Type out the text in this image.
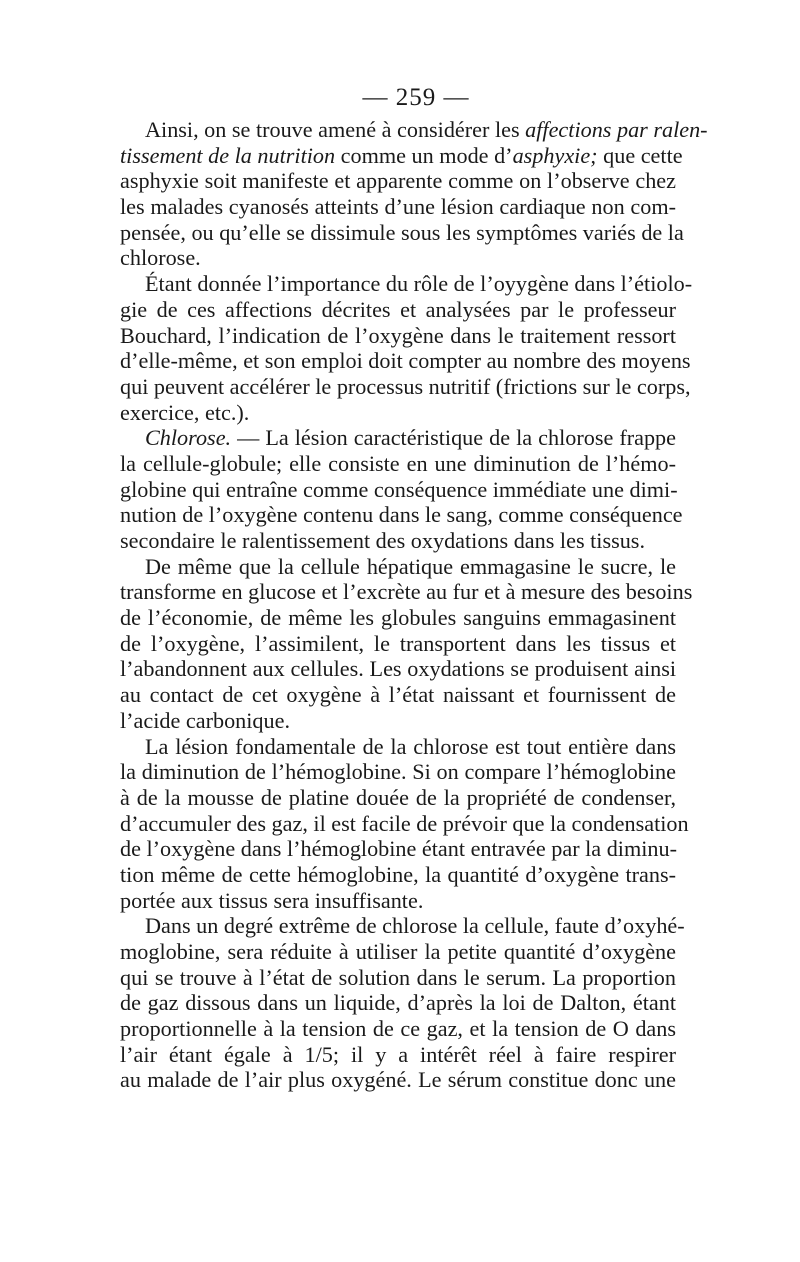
— 259 —
Ainsi, on se trouve amené à considérer les affections par ralen-
tissement de la nutrition comme un mode d’asphyxie; que cette
asphyxie soit manifeste et apparente comme on l’observe chez
les malades cyanosés atteints d’une lésion cardiaque non com-
pensée, ou qu’elle se dissimule sous les symptômes variés de la
chlorose.
Étant donnée l’importance du rôle de l’oyygène dans l’étiolo-
gie de ces affections décrites et analysées par le professeur
Bouchard, l’indication de l’oxygène dans le traitement ressort
d’elle-même, et son emploi doit compter au nombre des moyens
qui peuvent accélérer le processus nutritif (frictions sur le corps,
exercice, etc.).
Chlorose. — La lésion caractéristique de la chlorose frappe
la cellule-globule; elle consiste en une diminution de l’hémo-
globine qui entraîne comme conséquence immédiate une dimi-
nution de l’oxygène contenu dans le sang, comme conséquence
secondaire le ralentissement des oxydations dans les tissus.
De même que la cellule hépatique emmagasine le sucre, le
transforme en glucose et l’excrète au fur et à mesure des besoins
de l’économie, de même les globules sanguins emmagasinent
de l’oxygène, l’assimilent, le transportent dans les tissus et
l’abandonnent aux cellules. Les oxydations se produisent ainsi
au contact de cet oxygène à l’état naissant et fournissent de
l’acide carbonique.
La lésion fondamentale de la chlorose est tout entière dans
la diminution de l’hémoglobine. Si on compare l’hémoglobine
à de la mousse de platine douée de la propriété de condenser,
d’accumuler des gaz, il est facile de prévoir que la condensation
de l’oxygène dans l’hémoglobine étant entravée par la diminu-
tion même de cette hémoglobine, la quantité d’oxygène trans-
portée aux tissus sera insuffisante.
Dans un degré extrême de chlorose la cellule, faute d’oxyhé-
moglobine, sera réduite à utiliser la petite quantité d’oxygène
qui se trouve à l’état de solution dans le serum. La proportion
de gaz dissous dans un liquide, d’après la loi de Dalton, étant
proportionnelle à la tension de ce gaz, et la tension de O dans
l’air étant égale à 1/5; il y a intérêt réel à faire respirer
au malade de l’air plus oxygéné. Le sérum constitue donc une
